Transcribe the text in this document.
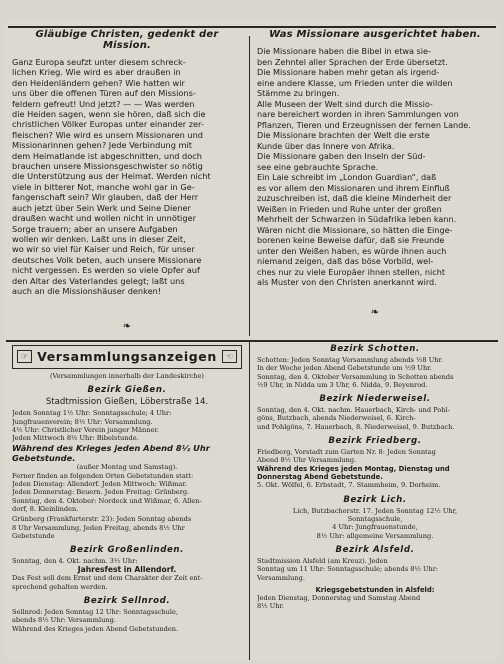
Gläubige Christen, gedenkt der Mission.
Ganz Europa seufzt unter diesem schreck-
lichen Krieg. Wie wird es aber draußen in
den Heidenländern gehen? Wie hatten wir
uns über die offenen Türen auf den Missions-
feldern gefreut! Und jetzt? — — Was werden
die Heiden sagen, wenn sie hören, daß sich die
christlichen Völker Europas unter einander zer-
fleischen? Wie wird es unsern Missionaren und
Missionarinnen gehen? Jede Verbindung mit
dem Heimatlande ist abgeschnitten, und doch
brauchen unsere Missionsgeschwister so nötig
die Unterstützung aus der Heimat. Werden nicht
viele in bitterer Not, manche wohl gar in Ge-
fangenschaft sein? Wir glauben, daß der Herr
auch jetzt über Sein Werk und Seine Diener
draußen wacht und wollen nicht in unnötiger
Sorge trauern; aber an unsere Aufgaben
wollen wir denken. Laßt uns in dieser Zeit,
wo wir so viel für Kaiser und Reich, für unser
deutsches Volk beten, auch unsere Missionare
nicht vergessen. Es werden so viele Opfer auf
den Altar des Vaterlandes gelegt; laßt uns
auch an die Missionshäuser denken!
❧
Was Missionare ausgerichtet haben.
Die Missionare haben die Bibel in etwa sie-
ben Zehntel aller Sprachen der Erde übersetzt.
Die Missionare haben mehr getan als irgend-
eine andere Klasse, um Frieden unter die wilden
Stämme zu bringen.
Alle Museen der Welt sind durch die Missio-
nare bereichert worden in ihren Sammlungen von
Pflanzen, Tieren und Erzeugnissen der fernen Lande.
Die Missionare brachten der Welt die erste
Kunde über das Innere von Afrika.
Die Missionare gaben den Inseln der Süd-
see eine gebrauchte Sprache.
Ein Laie schreibt im „London Guardian“, daß
es vor allem den Missionaren und ihrem Einfluß
zuzuschreiben ist, daß die kleine Minderheit der
Weißen in Frieden und Ruhe unter der großen
Mehrheit der Schwarzen in Südafrika leben kann.
Wären nicht die Missionare, so hätten die Einge-
borenen keine Beweise dafür, daß sie Freunde
unter den Weißen haben, es würde ihnen auch
niemand zeigen, daß das böse Vorbild, wel-
ches nur zu viele Europäer ihnen stellen, nicht
als Muster von den Christen anerkannt wird.
❧
☞ Versammlungsanzeigen	☜
(Versammlungen innerhalb der Landeskirche)
Bezirk Gießen.
Stadtmission Gießen, Löberstraße 14.
Jeden Sonntag 1½ Uhr: Sonntagsschule; 4 Uhr:
Jungfrauenverein; 8½ Uhr: Versammlung.
4½ Uhr: Christlicher Verein junger Männer.
Jeden Mittwoch 8½ Uhr: Bibelstunde.
Während des Krieges jeden Abend 8½ Uhr Gebetstunde.
(außer Montag und Samstag).
Ferner finden an folgenden Orten Gebetstunden statt:
Jeden Dienstag: Allendorf. Jeden Mittwoch: Wißmar.
Jeden Donnerstag: Beuern. Jeden Freitag: Grünberg.
Sonntag, den 4. Oktober: Nordeck und Wißmar, 6. Allen-
dorf, 8. Kleinlinden.
Grünberg (Frankfurterstr. 23): Jeden Sonntag abends
8 Uhr Versammlung, Jeden Freitag, abends 8½ Uhr
Gebetstunde
Bezirk Großenlinden.
Sonntag, den 4. Okt. nachm. 3½ Uhr:
Jahresfest in Allendorf.
Das Fest soll dem Ernst und dem Charakter der Zeit ent-
sprechend gehalten werden.
Bezirk Sellnrod.
Sellnrod: Jeden Sonntag 12 Uhr: Sonntagsschule,
abends 8½ Uhr: Versammlung.
Während des Krieges jeden Abend Gebetstunden.
Bezirk Schotten.
Schotten: Jeden Sonntag Versammlung abends ½8 Uhr.
In der Woche jeden Abend Gebetstunde um ½9 Uhr.
Sonntag, den 4. Oktober Versammlung in Schotten abends
½9 Uhr, in Nidda um 3 Uhr, 6. Nidda, 9. Beyenrod.
Bezirk Niederweisel.
Sonntag, den 4. Okt. nachm. Hauerbach, Kirch- und Pohl-
göns, Butzbach, abends Niederweisel, 6. Kirch-
und Pohlgöns, 7. Hauerbach, 8. Niederweisel, 9. Butzbach.
Bezirk Friedberg.
Friedberg, Vorstadt zum Garten Nr. 8: Jeden Sonntag
Abend 8½ Uhr Versammlung.
Während des Krieges jeden Montag, Dienstag und Donnerstag Abend Gebetstunde.
5. Okt. Wölfel, 6. Erbstadt, 7. Stammheim, 9. Dorheim.
Bezirk Lich.
Lich, Butzbacherstr. 17. Jeden Sonntag 12½ Uhr,
Sonntagsschule,
4 Uhr: Jungfrauenstunde,
8½ Uhr: allgemeine Versammlung.
Bezirk Alsfeld.
Stadtmission Alsfeld (am Kreuz). Jeden
Sonntag um 11 Uhr: Sonntagsschule; abends 8½ Uhr:
Versammlung.
Kriegsgebetstunden in Alsfeld:
Jeden Dienstag, Donnerstag und Samstag Abend
8½ Uhr.
